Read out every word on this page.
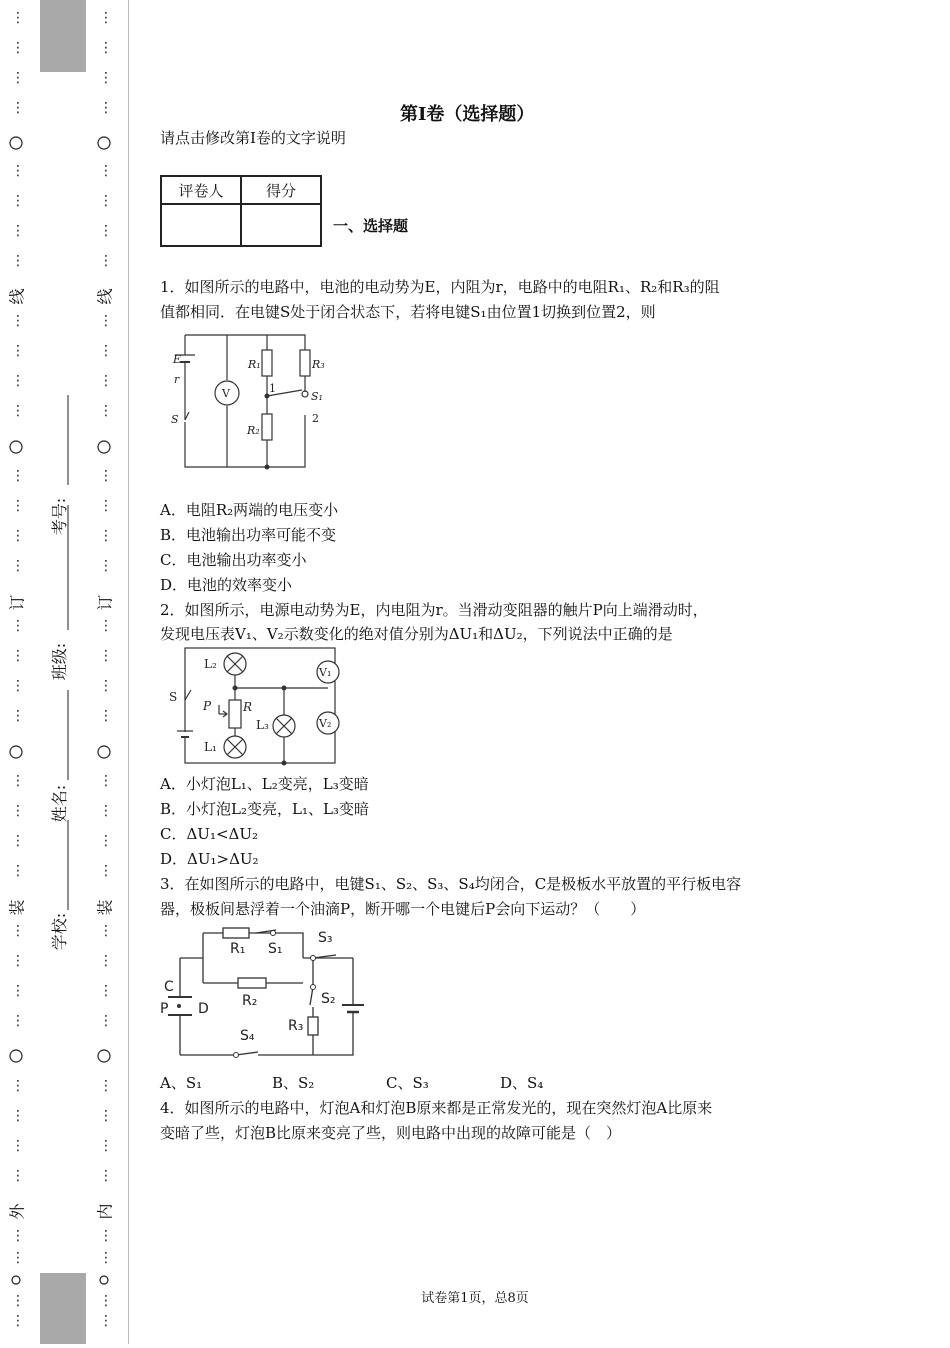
⋮
⋮
⋮
⋮
⋮
⋮
⋮
⋮
⋮
⋮
⋮
⋮
⋮
⋮
⋮
⋮
⋮
⋮
⋮
⋮
⋮
⋮
⋮
⋮
⋮
⋮
⋮
⋮
⋮
⋮
⋮
⋮
⋮
⋮
⋮
⋮
线
订
装
外
考号:
班级:
姓名:
学校:
⋮
⋮
⋮
⋮
⋮
⋮
⋮
⋮
⋮
⋮
⋮
⋮
⋮
⋮
⋮
⋮
⋮
⋮
⋮
⋮
⋮
⋮
⋮
⋮
⋮
⋮
⋮
⋮
⋮
⋮
⋮
⋮
⋮
⋮
⋮
⋮
线
订
装
内
第I卷（选择题）
请点击修改第I卷的文字说明
评卷人	得分

一、选择题
1．如图所示的电路中，电池的电动势为E，内阻为r，电路中的电阻R₁、R₂和R₃的阻
值都相同．在电键S处于闭合状态下，若将电键S₁由位置1切换到位置2，则
E
r
S
V
R₁
R₂
R₃
S₁
1
2
A．电阻R₂两端的电压变小
B．电池输出功率可能不变
C．电池输出功率变小
D．电池的效率变小
2．如图所示，电源电动势为E，内电阻为r。当滑动变阻器的触片P向上端滑动时，
发现电压表V₁、V₂示数变化的绝对值分别为ΔU₁和ΔU₂，下列说法中正确的是
L₂
L₁
L₃
S
P	R
V₁
V₂
A．小灯泡L₁、L₂变亮，L₃变暗
B．小灯泡L₂变亮，L₁、L₃变暗
C．ΔU₁<ΔU₂
D．ΔU₁>ΔU₂
3．在如图所示的电路中，电键S₁、S₂、S₃、S₄均闭合，C是极板水平放置的平行板电容
器，极板间悬浮着一个油滴P，断开哪一个电键后P会向下运动？（　　）
R₁ S₁
S₃
R₂	S₂
R₃
S₄
C
P D
A、S₁	B、S₂	C、S₃	D、S₄
4．如图所示的电路中，灯泡A和灯泡B原来都是正常发光的，现在突然灯泡A比原来
变暗了些，灯泡B比原来变亮了些，则电路中出现的故障可能是（　）
试卷第1页，总8页
